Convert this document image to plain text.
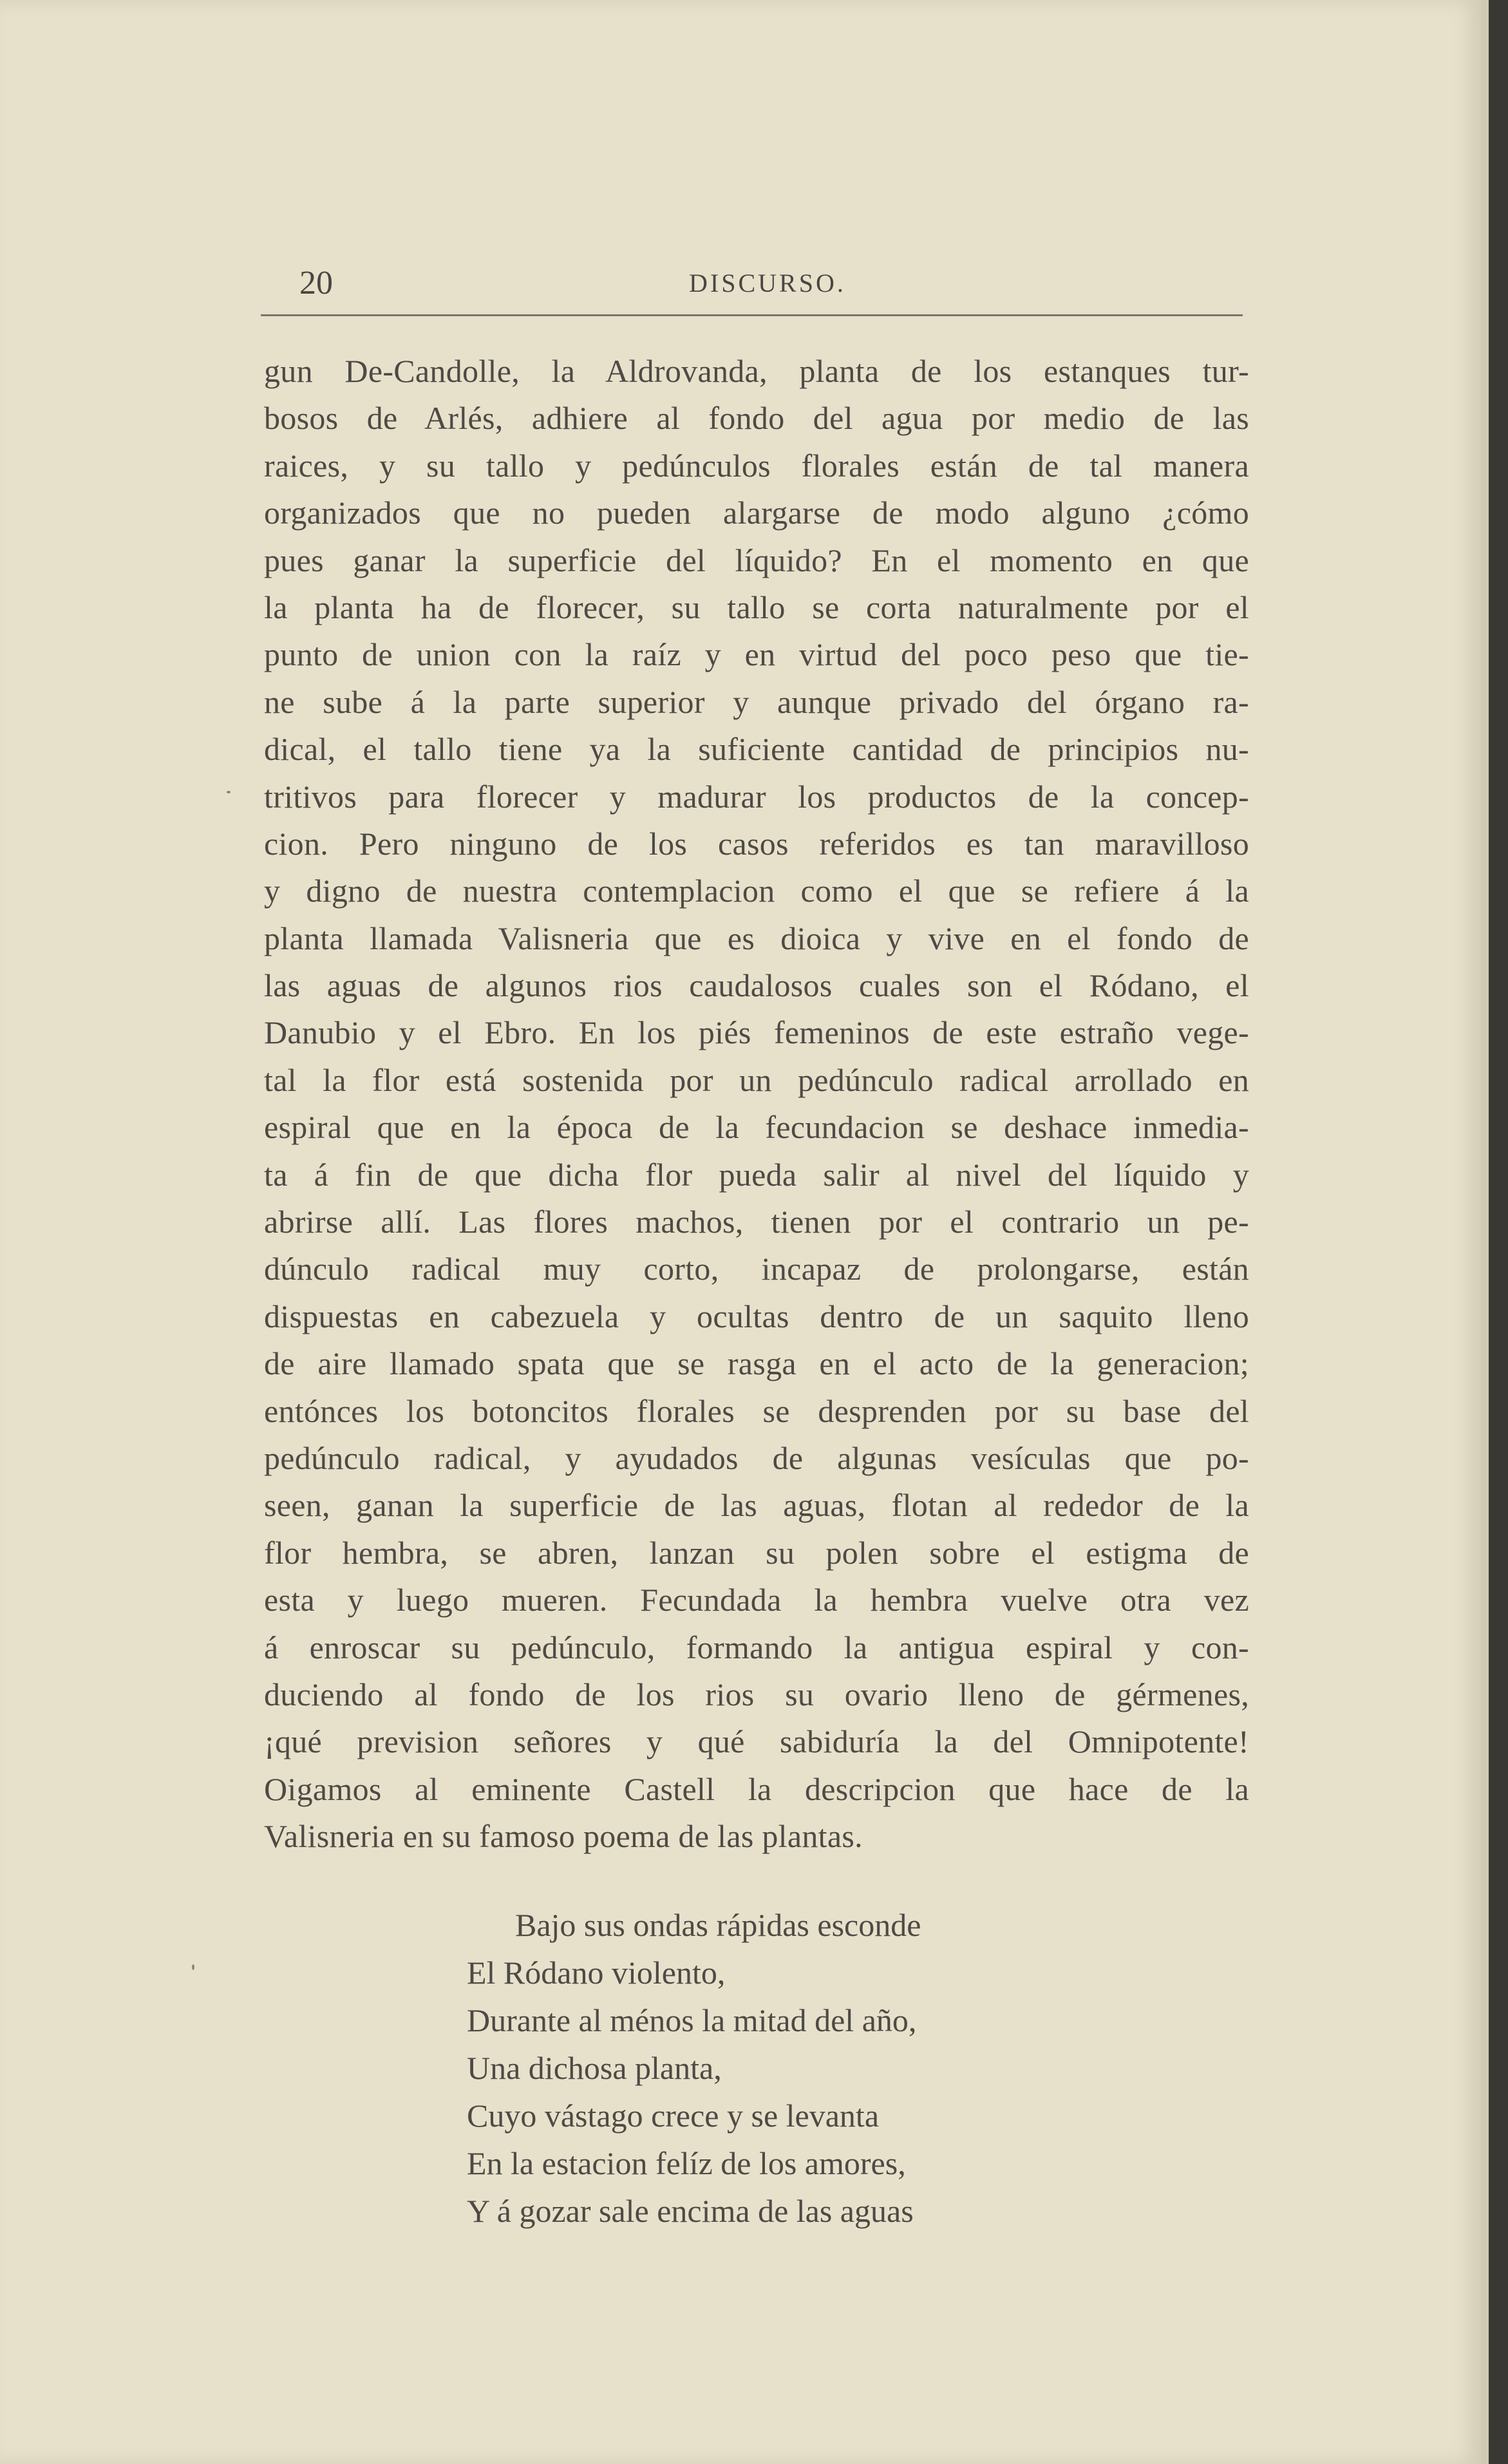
20	DISCURSO.
gun De-Candolle, la Aldrovanda, planta de los estanques tur-
bosos de Arlés, adhiere al fondo del agua por medio de las
raices, y su tallo y pedúnculos florales están de tal manera
organizados que no pueden alargarse de modo alguno ¿cómo
pues ganar la superficie del líquido? En el momento en que
la planta ha de florecer, su tallo se corta naturalmente por el
punto de union con la raíz y en virtud del poco peso que tie-
ne sube á la parte superior y aunque privado del órgano ra-
dical, el tallo tiene ya la suficiente cantidad de principios nu-
tritivos para florecer y madurar los productos de la concep-
cion. Pero ninguno de los casos referidos es tan maravilloso
y digno de nuestra contemplacion como el que se refiere á la
planta llamada Valisneria que es dioica y vive en el fondo de
las aguas de algunos rios caudalosos cuales son el Ródano, el
Danubio y el Ebro. En los piés femeninos de este estraño vege-
tal la flor está sostenida por un pedúnculo radical arrollado en
espiral que en la época de la fecundacion se deshace inmedia-
ta á fin de que dicha flor pueda salir al nivel del líquido y
abrirse allí. Las flores machos, tienen por el contrario un pe-
dúnculo radical muy corto, incapaz de prolongarse, están
dispuestas en cabezuela y ocultas dentro de un saquito lleno
de aire llamado spata que se rasga en el acto de la generacion;
entónces los botoncitos florales se desprenden por su base del
pedúnculo radical, y ayudados de algunas vesículas que po-
seen, ganan la superficie de las aguas, flotan al rededor de la
flor hembra, se abren, lanzan su polen sobre el estigma de
esta y luego mueren. Fecundada la hembra vuelve otra vez
á enroscar su pedúnculo, formando la antigua espiral y con-
duciendo al fondo de los rios su ovario lleno de gérmenes,
¡qué prevision señores y qué sabiduría la del Omnipotente!
Oigamos al eminente Castell la descripcion que hace de la
Valisneria en su famoso poema de las plantas.
Bajo sus ondas rápidas esconde
El Ródano violento,
Durante al ménos la mitad del año,
Una dichosa planta,
Cuyo vástago crece y se levanta
En la estacion felíz de los amores,
Y á gozar sale encima de las aguas
